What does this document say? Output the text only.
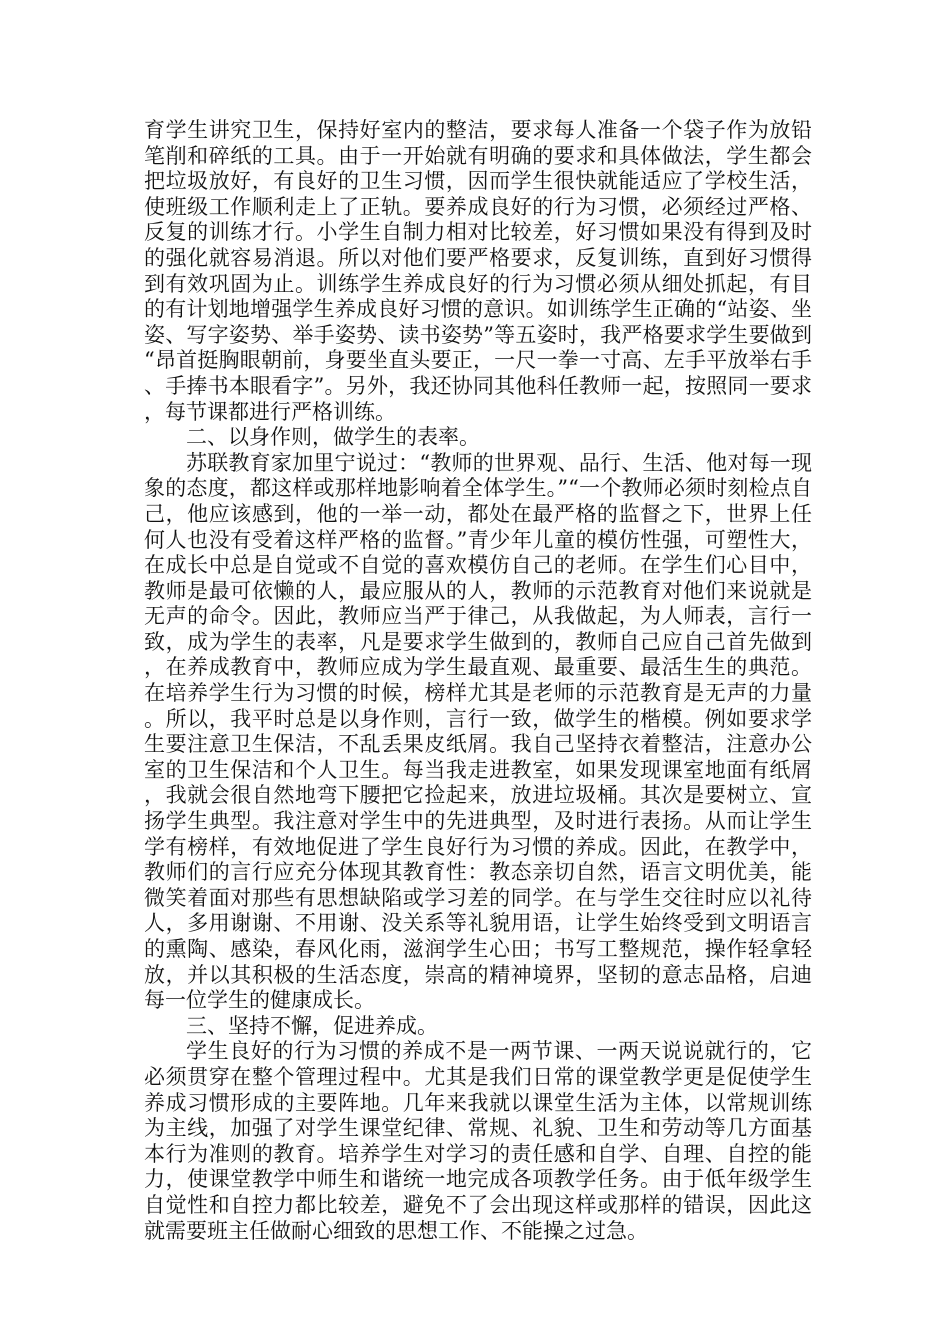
育学生讲究卫生，保持好室内的整洁，要求每人准备一个袋子作为放铅笔削和碎纸的工具。由于一开始就有明确的要求和具体做法，学生都会把垃圾放好，有良好的卫生习惯，因而学生很快就能适应了学校生活，使班级工作顺利走上了正轨。要养成良好的行为习惯，必须经过严格、反复的训练才行。小学生自制力相对比较差，好习惯如果没有得到及时的强化就容易消退。所以对他们要严格要求，反复训练，直到好习惯得到有效巩固为止。训练学生养成良好的行为习惯必须从细处抓起，有目的有计划地增强学生养成良好习惯的意识。如训练学生正确的“站姿、坐姿、写字姿势、举手姿势、读书姿势”等五姿时，我严格要求学生要做到“昂首挺胸眼朝前，身要坐直头要正，一尺一拳一寸高、左手平放举右手、手捧书本眼看字”。另外，我还协同其他科任教师一起，按照同一要求，每节课都进行严格训练。

二、以身作则，做学生的表率。

苏联教育家加里宁说过：“教师的世界观、品行、生活、他对每一现象的态度，都这样或那样地影响着全体学生。”“一个教师必须时刻检点自己，他应该感到，他的一举一动，都处在最严格的监督之下，世界上任何人也没有受着这样严格的监督。”青少年儿童的模仿性强，可塑性大，在成长中总是自觉或不自觉的喜欢模仿自己的老师。在学生们心目中，教师是最可依懒的人，最应服从的人，教师的示范教育对他们来说就是无声的命令。因此，教师应当严于律己，从我做起，为人师表，言行一致，成为学生的表率，凡是要求学生做到的，教师自己应自己首先做到，在养成教育中，教师应成为学生最直观、最重要、最活生生的典范。在培养学生行为习惯的时候，榜样尤其是老师的示范教育是无声的力量。所以，我平时总是以身作则，言行一致，做学生的楷模。例如要求学生要注意卫生保洁，不乱丢果皮纸屑。我自己坚持衣着整洁，注意办公室的卫生保洁和个人卫生。每当我走进教室，如果发现课室地面有纸屑，我就会很自然地弯下腰把它捡起来，放进垃圾桶。其次是要树立、宣扬学生典型。我注意对学生中的先进典型，及时进行表扬。从而让学生学有榜样，有效地促进了学生良好行为习惯的养成。因此，在教学中，教师们的言行应充分体现其教育性：教态亲切自然，语言文明优美，能微笑着面对那些有思想缺陷或学习差的同学。在与学生交往时应以礼待人，多用谢谢、不用谢、没关系等礼貌用语，让学生始终受到文明语言的熏陶、感染，春风化雨，滋润学生心田；书写工整规范，操作轻拿轻放，并以其积极的生活态度，崇高的精神境界，坚韧的意志品格，启迪每一位学生的健康成长。

三、坚持不懈，促进养成。

学生良好的行为习惯的养成不是一两节课、一两天说说就行的，它必须贯穿在整个管理过程中。尤其是我们日常的课堂教学更是促使学生养成习惯形成的主要阵地。几年来我就以课堂生活为主体，以常规训练为主线，加强了对学生课堂纪律、常规、礼貌、卫生和劳动等几方面基本行为准则的教育。培养学生对学习的责任感和自学、自理、自控的能力，使课堂教学中师生和谐统一地完成各项教学任务。由于低年级学生自觉性和自控力都比较差，避免不了会出现这样或那样的错误，因此这就需要班主任做耐心细致的思想工作、不能操之过急。
